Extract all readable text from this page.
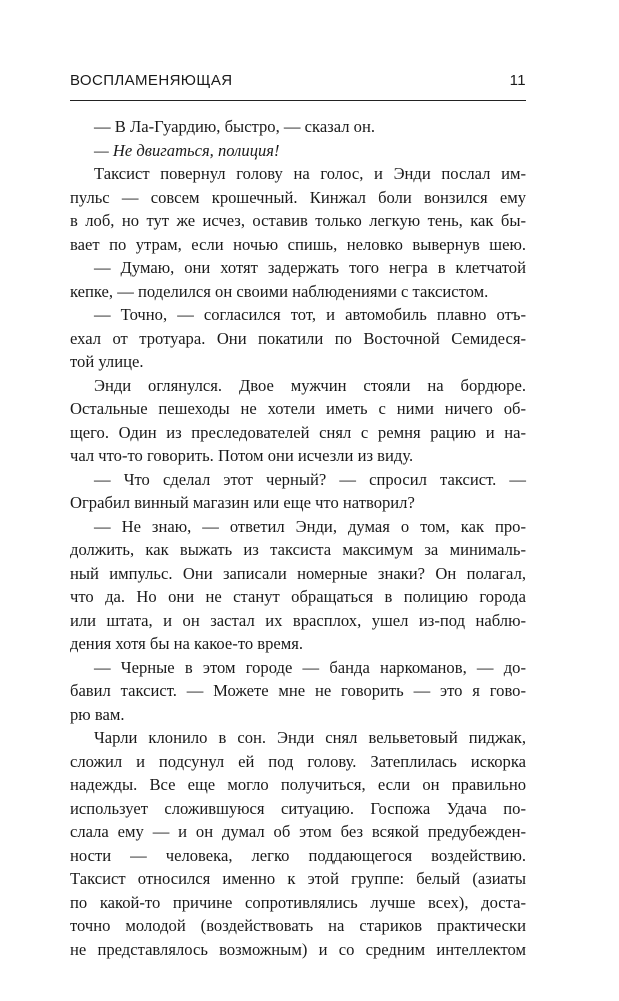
ВОСПЛАМЕНЯЮЩАЯ	11
— В Ла-Гуардию, быстро, — сказал он.
— Не двигаться, полиция!
Таксист повернул голову на голос, и Энди послал им-
пульс — совсем крошечный. Кинжал боли вонзился ему
в лоб, но тут же исчез, оставив только легкую тень, как бы-
вает по утрам, если ночью спишь, неловко вывернув шею.
— Думаю, они хотят задержать того негра в клетчатой
кепке, — поделился он своими наблюдениями с таксистом.
— Точно, — согласился тот, и автомобиль плавно отъ-
ехал от тротуара. Они покатили по Восточной Семидеся-
той улице.
Энди оглянулся. Двое мужчин стояли на бордюре.
Остальные пешеходы не хотели иметь с ними ничего об-
щего. Один из преследователей снял с ремня рацию и на-
чал что-то говорить. Потом они исчезли из виду.
— Что сделал этот черный? — спросил таксист. —
Ограбил винный магазин или еще что натворил?
— Не знаю, — ответил Энди, думая о том, как про-
должить, как выжать из таксиста максимум за минималь-
ный импульс. Они записали номерные знаки? Он полагал,
что да. Но они не станут обращаться в полицию города
или штата, и он застал их врасплох, ушел из-под наблю-
дения хотя бы на какое-то время.
— Черные в этом городе — банда наркоманов, — до-
бавил таксист. — Можете мне не говорить — это я гово-
рю вам.
Чарли клонило в сон. Энди снял вельветовый пиджак,
сложил и подсунул ей под голову. Затеплилась искорка
надежды. Все еще могло получиться, если он правильно
использует сложившуюся ситуацию. Госпожа Удача по-
слала ему — и он думал об этом без всякой предубежден-
ности — человека, легко поддающегося воздействию.
Таксист относился именно к этой группе: белый (азиаты
по какой-то причине сопротивлялись лучше всех), доста-
точно молодой (воздействовать на стариков практически
не представлялось возможным) и со средним интеллектом
